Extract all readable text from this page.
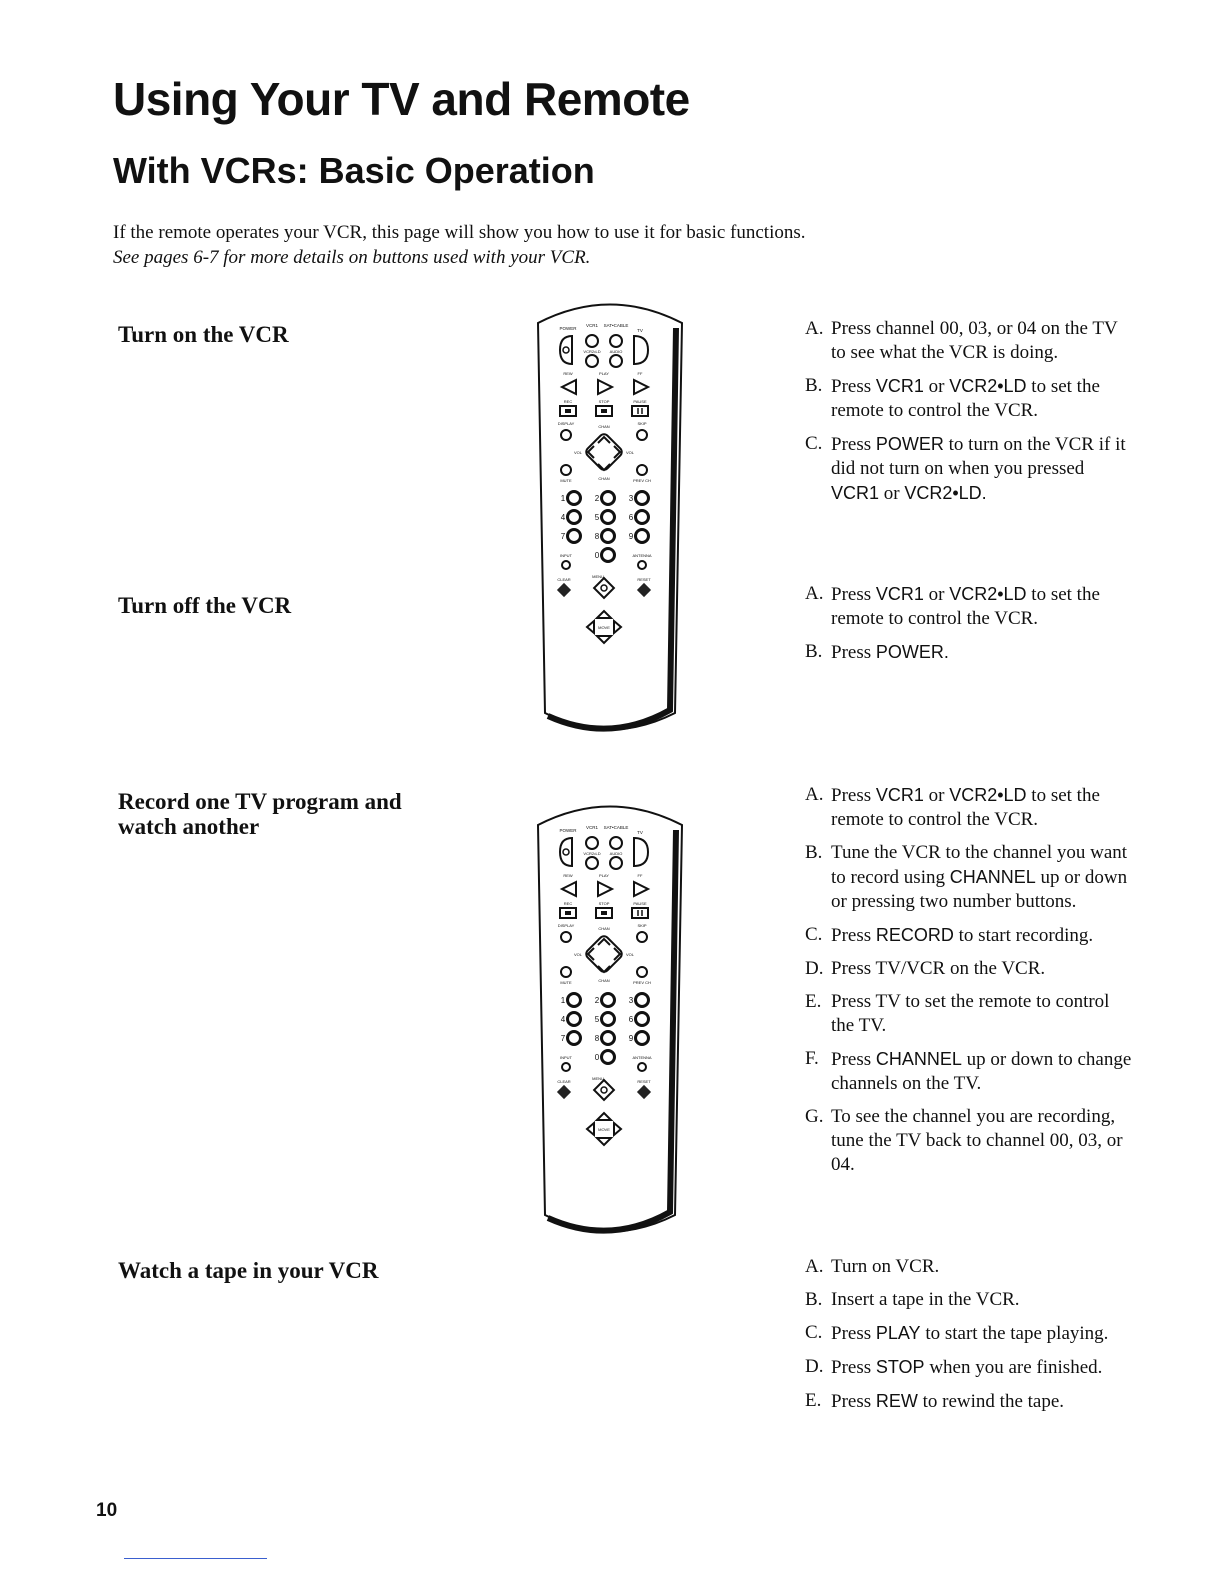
Using Your TV and Remote
With VCRs: Basic Operation

If the remote operates your VCR, this page will show you how to use it for basic functions. See pages 6-7 for more details on buttons used with your VCR.

Turn on the VCR	A. Press channel 00, 03, or 04 on the TV to see what the VCR is doing.
B. Press VCR1 or VCR2•LD to set the remote to control the VCR.
C. Press POWER to turn on the VCR if it did not turn on when you pressed VCR1 or VCR2•LD.
Turn off the VCR	A. Press VCR1 or VCR2•LD to set the remote to control the VCR.
B. Press POWER.
Record one TV program and watch another
A. Press VCR1 or VCR2•LD to set the remote to control the VCR.
B. Tune the VCR to the channel you want to record using CHANNEL up or down or pressing two number buttons.
C. Press RECORD to start recording.
D. Press TV/VCR on the VCR.
E. Press TV to set the remote to control the TV.
F. Press CHANNEL up or down to change channels on the TV.
G. To see the channel you are recording, tune the TV back to channel 00, 03, or 04.
Watch a tape in your VCR	A. Turn on VCR.
B. Insert a tape in the VCR.
C. Press PLAY to start the tape playing.
D. Press STOP when you are finished.
E. Press REW to rewind the tape.
POWER
VCR1 SAT•CABLE
TV
VCR2•LD AUDIO
REW	PLAY	FF
REC	STOP	PAUSE
DISPLAY
CHAN
SKIP
VOL	VOL
MUTE	CHAN	PREV CH
1	2	3
4	5	6
7	8	9
0
INPUT	ANTENNA
CLEAR
MENU
RESET
MOVE
POWER
VCR1 SAT•CABLE
TV
VCR2•LD AUDIO
REW	PLAY	FF
REC	STOP	PAUSE
DISPLAY
CHAN
SKIP
VOL	VOL
MUTE	CHAN	PREV CH
1	2	3
4	5	6
7	8	9
0
INPUT	ANTENNA
CLEAR
MENU
RESET
MOVE

10
